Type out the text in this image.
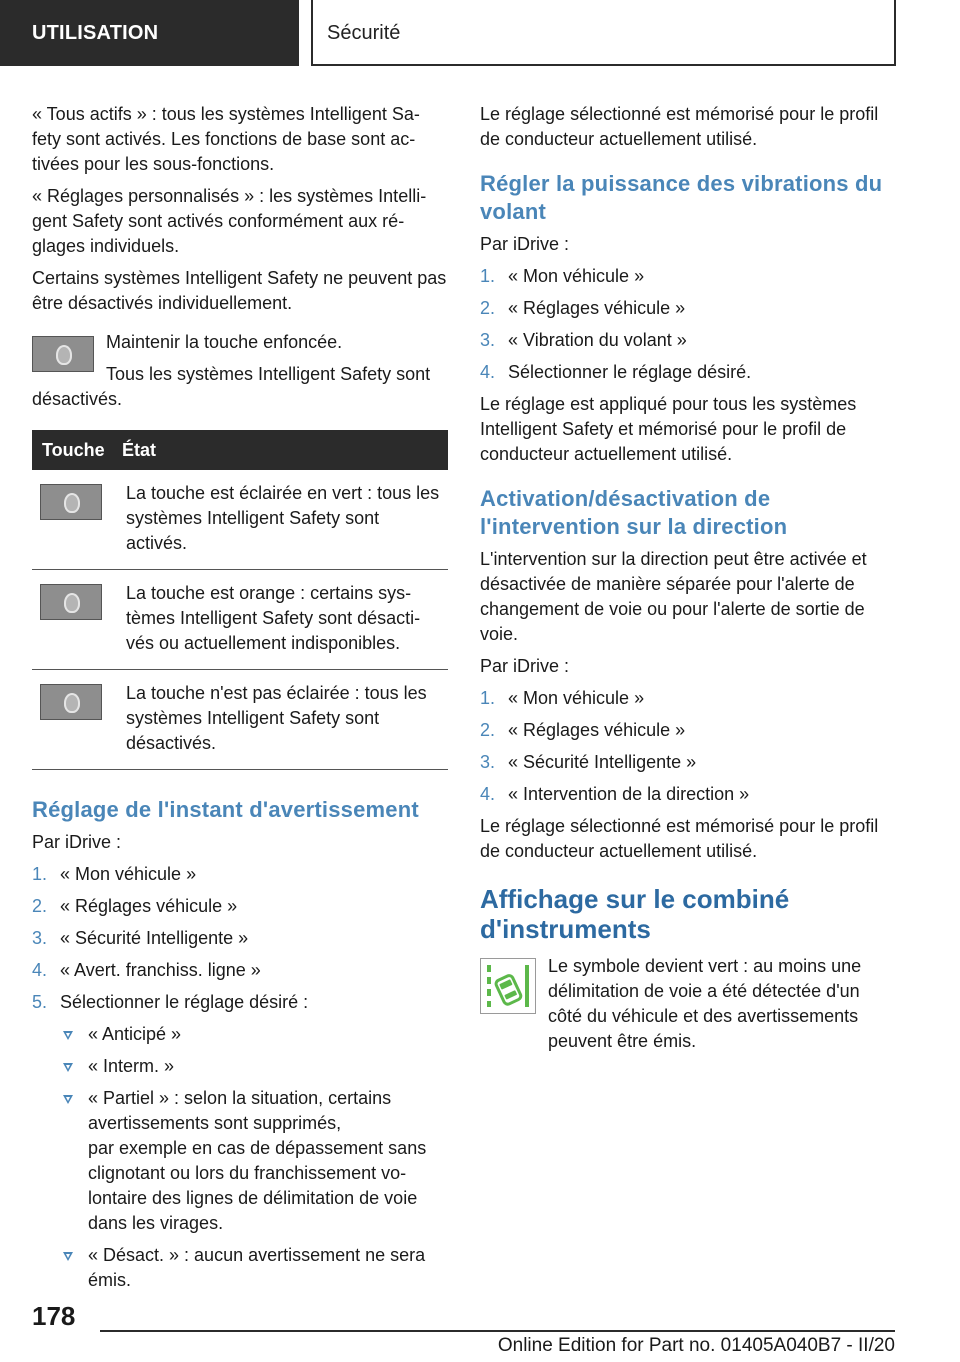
UTILISATION	Sécurité

« Tous actifs » : tous les systèmes Intelligent Sa-fety sont activés. Les fonctions de base sont ac-tivées pour les sous-fonctions.

« Réglages personnalisés » : les systèmes Intelli-gent Safety sont activés conformément aux ré-glages individuels.

Certains systèmes Intelligent Safety ne peuvent pas être désactivés individuellement.

Maintenir la touche enfoncée.

Tous les systèmes Intelligent Safety sont désactivés.

Touche	État
	La touche est éclairée en vert : tous les systèmes Intelligent Safety sont activés.
	La touche est orange : certains sys-tèmes Intelligent Safety sont désacti-vés ou actuellement indisponibles.
	La touche n'est pas éclairée : tous les systèmes Intelligent Safety sont désactivés.
Réglage de l'instant d'avertissement

Par iDrive :

1. « Mon véhicule »
2. « Réglages véhicule »
3. « Sécurité Intelligente »
4. « Avert. franchiss. ligne »
5. Sélectionner le réglage désiré :
« Anticipé »
« Interm. »
« Partiel » : selon la situation, certains avertissements sont supprimés,
par exemple en cas de dépassement sans clignotant ou lors du franchissement vo-lontaire des lignes de délimitation de voie dans les virages.
« Désact. » : aucun avertissement ne sera émis.

Le réglage sélectionné est mémorisé pour le profil de conducteur actuellement utilisé.

Régler la puissance des vibrations du volant

Par iDrive :

1. « Mon véhicule »
2. « Réglages véhicule »
3. « Vibration du volant »
4. Sélectionner le réglage désiré.

Le réglage est appliqué pour tous les systèmes Intelligent Safety et mémorisé pour le profil de conducteur actuellement utilisé.

Activation/désactivation de l'intervention sur la direction

L'intervention sur la direction peut être activée et désactivée de manière séparée pour l'alerte de changement de voie ou pour l'alerte de sortie de voie.

Par iDrive :

1. « Mon véhicule »
2. « Réglages véhicule »
3. « Sécurité Intelligente »
4. « Intervention de la direction »

Le réglage sélectionné est mémorisé pour le profil de conducteur actuellement utilisé.

Affichage sur le combiné d'instruments

Le symbole devient vert : au moins une délimitation de voie a été détectée d'un côté du véhicule et des avertissements peuvent être émis.

178
Online Edition for Part no. 01405A040B7 - II/20
